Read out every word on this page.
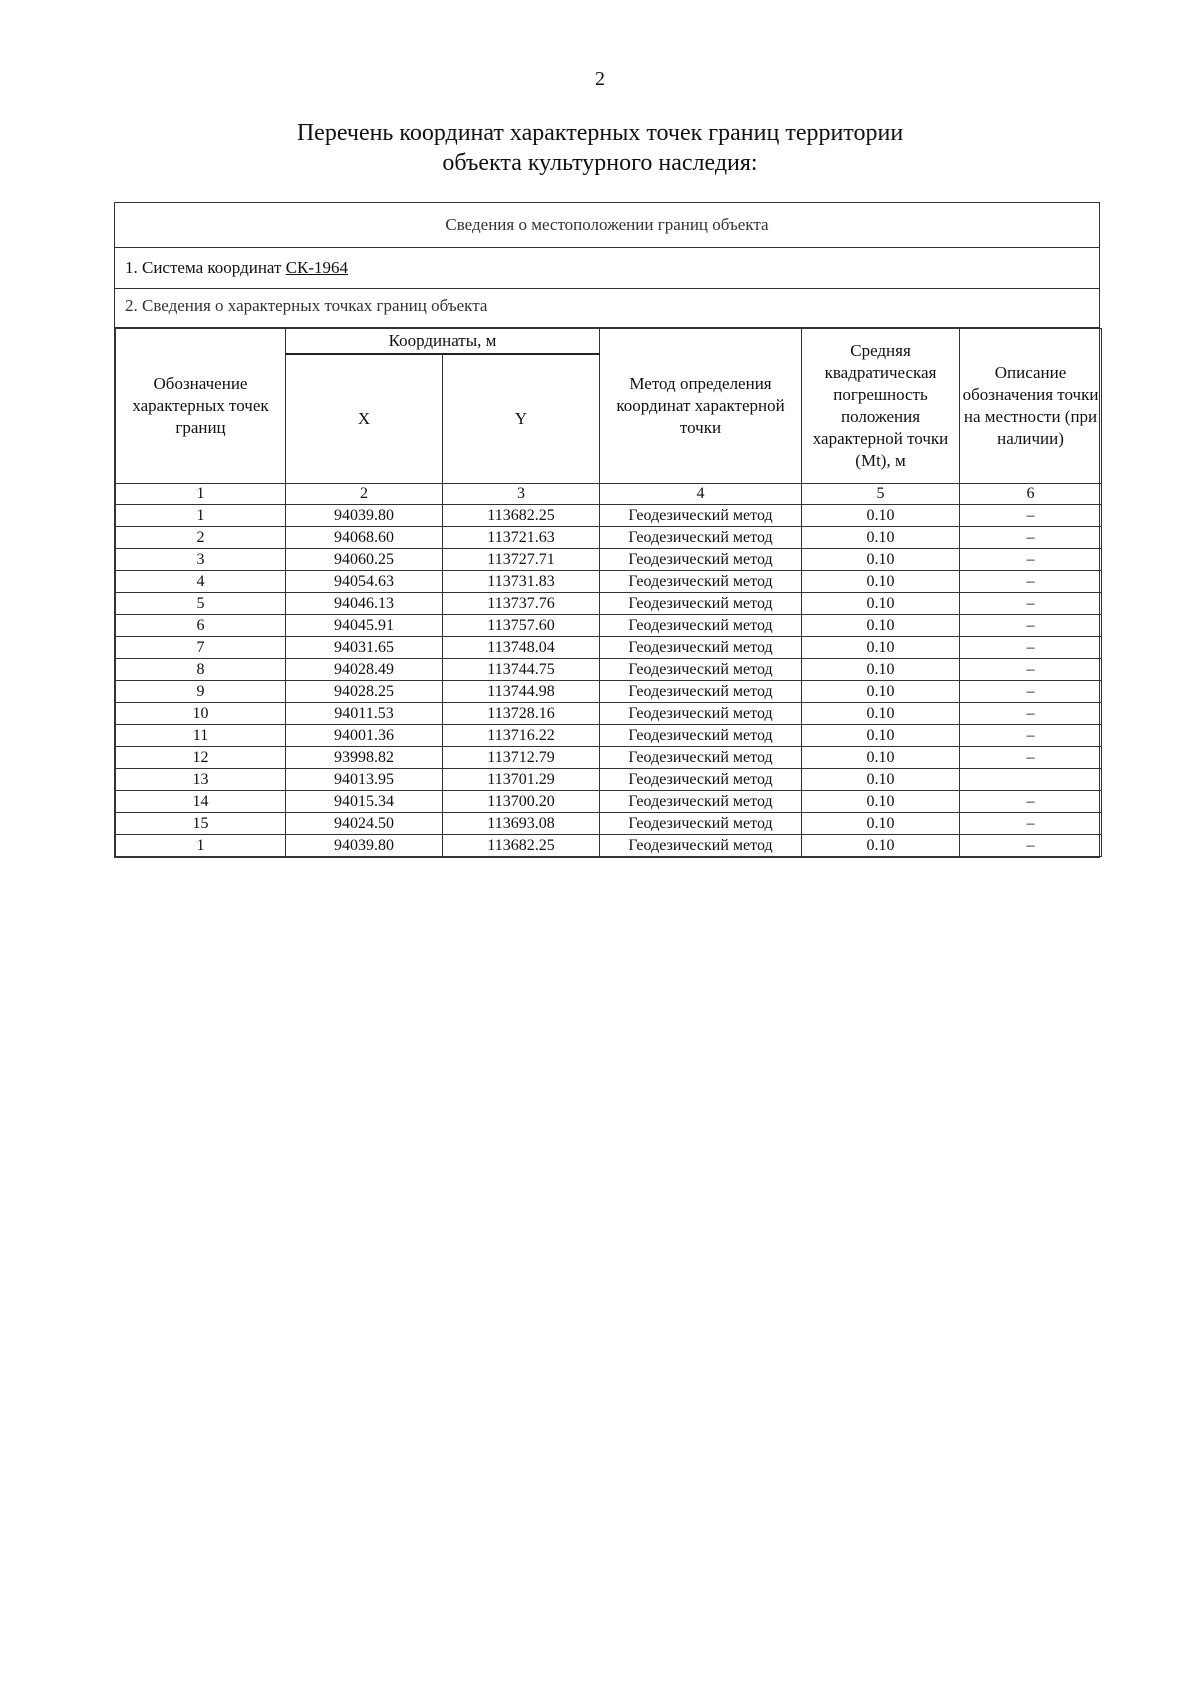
2
Перечень координат характерных точек границ территории
объекта культурного наследия:
Сведения о местоположении границ объекта
1. Система координат СК-1964
2. Сведения о характерных точках границ объекта
Обозначение характерных точек границ	Координаты, м		Метод определения координат характерной точки	Средняя квадратическая погрешность положения характерной точки (Mt), м	Описание обозначения точки на местности (при наличии)
	X	Y			
1	2	3	4	5	6
1	94039.80	113682.25	Геодезический метод	0.10	–
2	94068.60	113721.63	Геодезический метод	0.10	–
3	94060.25	113727.71	Геодезический метод	0.10	–
4	94054.63	113731.83	Геодезический метод	0.10	–
5	94046.13	113737.76	Геодезический метод	0.10	–
6	94045.91	113757.60	Геодезический метод	0.10	–
7	94031.65	113748.04	Геодезический метод	0.10	–
8	94028.49	113744.75	Геодезический метод	0.10	–
9	94028.25	113744.98	Геодезический метод	0.10	–
10	94011.53	113728.16	Геодезический метод	0.10	–
11	94001.36	113716.22	Геодезический метод	0.10	–
12	93998.82	113712.79	Геодезический метод	0.10	–
13	94013.95	113701.29	Геодезический метод	0.10	
14	94015.34	113700.20	Геодезический метод	0.10	–
15	94024.50	113693.08	Геодезический метод	0.10	–
1	94039.80	113682.25	Геодезический метод	0.10	–
